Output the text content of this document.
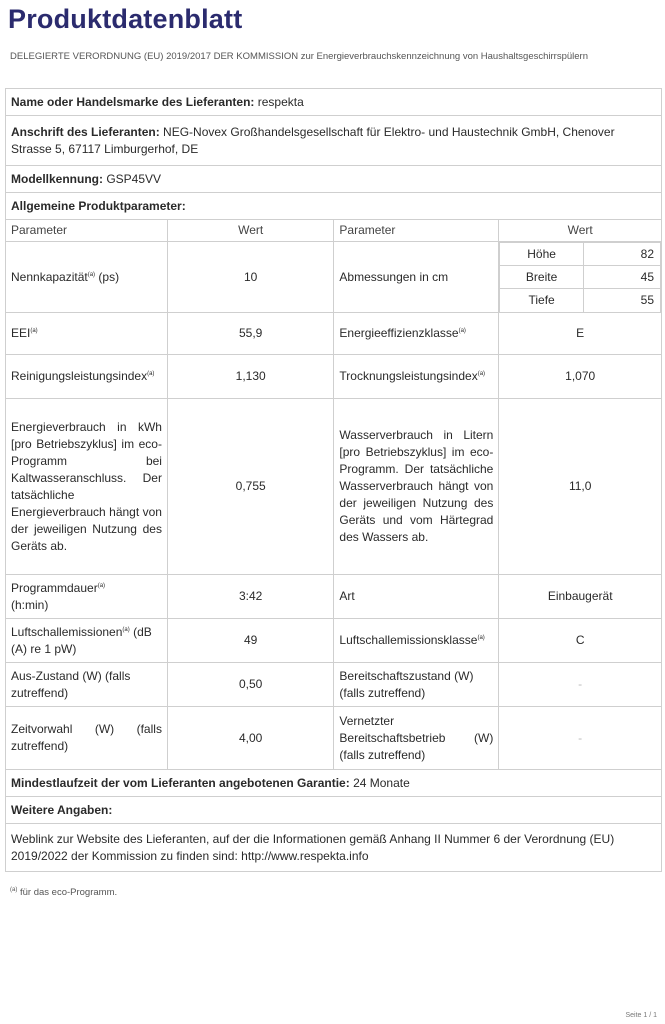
Produktdatenblatt
DELEGIERTE VERORDNUNG (EU) 2019/2017 DER KOMMISSION zur Energieverbrauchskennzeichnung von Haushaltsgeschirrspülern
Name oder Handelsmarke des Lieferanten: respekta
Anschrift des Lieferanten: NEG-Novex Großhandelsgesellschaft für Elektro- und Haustechnik GmbH, Chenover Strasse 5, 67117 Limburgerhof, DE
Modellkennung: GSP45VV
Allgemeine Produktparameter:
Parameter	Wert	Parameter	Wert
Nennkapazität$^{(a)}$ (ps)	10	Abmessungen in cm	
Höhe	82
Breite	45
Tiefe	55

EEI$^{(a)}$	55,9	Energieeffizienzklasse$^{(a)}$	E
Reinigungsleistungsindex$^{(a)}$	1,130	Trocknungsleistungsindex$^{(a)}$	1,070
Energieverbrauch in kWh [pro Betriebszyklus] im eco-Programm bei Kaltwasseranschluss. Der tatsächliche Energieverbrauch hängt von der jeweiligen Nutzung des Geräts ab.	0,755	Wasserverbrauch in Litern [pro Betriebszyklus] im eco-Programm. Der tatsächliche Wasserverbrauch hängt von der jeweiligen Nutzung des Geräts und vom Härtegrad des Wassers ab.	11,0
Programmdauer$^{(a)}$
(h:min)	3:42	Art	Einbaugerät
Luftschallemissionen$^{(a)}$ (dB (A) re 1 pW)	49	Luftschallemissionsklasse$^{(a)}$	C
Aus-Zustand (W) (falls zutreffend)	0,50	Bereitschaftszustand (W) (falls zutreffend)	-
Zeitvorwahl (W) (falls zutreffend)	4,00	Vernetzter Bereitschaftsbetrieb (W) (falls zutreffend)	-
Mindestlaufzeit der vom Lieferanten angebotenen Garantie: 24 Monate
Weitere Angaben:
Weblink zur Website des Lieferanten, auf der die Informationen gemäß Anhang II Nummer 6 der Verordnung (EU) 2019/2022 der Kommission zu finden sind: http://www.respekta.info
$^{(a)}$ für das eco-Programm.
Seite 1 / 1
